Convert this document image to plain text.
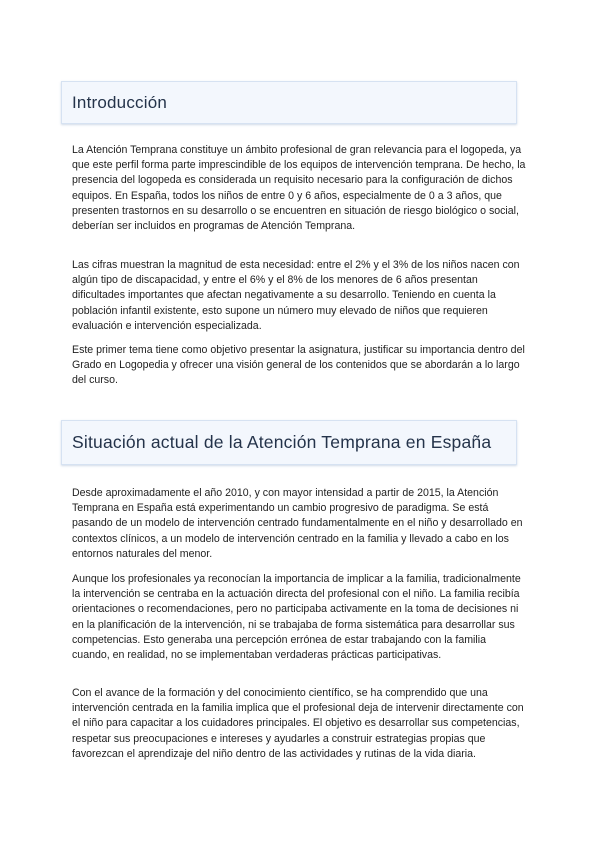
Introducción

La Atención Temprana constituye un ámbito profesional de gran relevancia para el logopeda, ya que este perfil forma parte imprescindible de los equipos de intervención temprana. De hecho, la presencia del logopeda es considerada un requisito necesario para la configuración de dichos equipos. En España, todos los niños de entre 0 y 6 años, especialmente de 0 a 3 años, que presenten trastornos en su desarrollo o se encuentren en situación de riesgo biológico o social, deberían ser incluidos en programas de Atención Temprana.

Las cifras muestran la magnitud de esta necesidad: entre el 2% y el 3% de los niños nacen con algún tipo de discapacidad, y entre el 6% y el 8% de los menores de 6 años presentan dificultades importantes que afectan negativamente a su desarrollo. Teniendo en cuenta la población infantil existente, esto supone un número muy elevado de niños que requieren evaluación e intervención especializada.

Este primer tema tiene como objetivo presentar la asignatura, justificar su importancia dentro del Grado en Logopedia y ofrecer una visión general de los contenidos que se abordarán a lo largo del curso.

Situación actual de la Atención Temprana en España

Desde aproximadamente el año 2010, y con mayor intensidad a partir de 2015, la Atención Temprana en España está experimentando un cambio progresivo de paradigma. Se está pasando de un modelo de intervención centrado fundamentalmente en el niño y desarrollado en contextos clínicos, a un modelo de intervención centrado en la familia y llevado a cabo en los entornos naturales del menor.

Aunque los profesionales ya reconocían la importancia de implicar a la familia, tradicionalmente la intervención se centraba en la actuación directa del profesional con el niño. La familia recibía orientaciones o recomendaciones, pero no participaba activamente en la toma de decisiones ni en la planificación de la intervención, ni se trabajaba de forma sistemática para desarrollar sus competencias. Esto generaba una percepción errónea de estar trabajando con la familia cuando, en realidad, no se implementaban verdaderas prácticas participativas.

Con el avance de la formación y del conocimiento científico, se ha comprendido que una intervención centrada en la familia implica que el profesional deja de intervenir directamente con el niño para capacitar a los cuidadores principales. El objetivo es desarrollar sus competencias, respetar sus preocupaciones e intereses y ayudarles a construir estrategias propias que favorezcan el aprendizaje del niño dentro de las actividades y rutinas de la vida diaria.
